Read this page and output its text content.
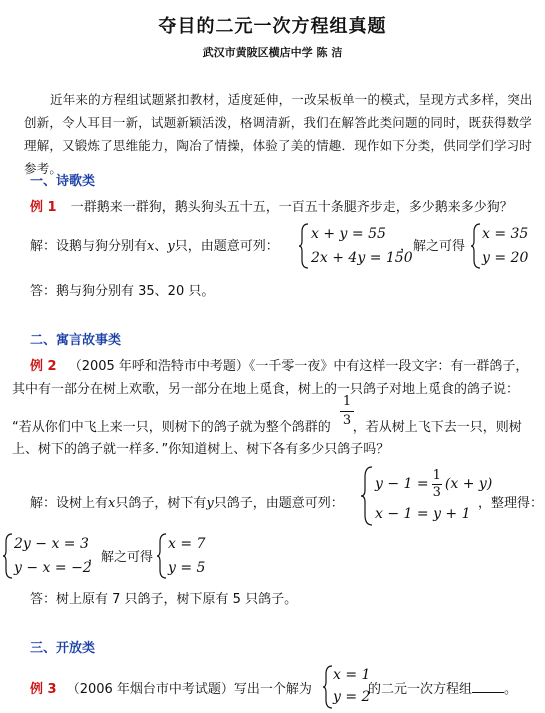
夺目的二元一次方程组真题
武汉市黄陂区横店中学 陈 洁
近年来的方程组试题紧扣教材，适度延伸，一改呆板单一的模式，呈现方式多样，突出创新，令人耳目一新，试题新颖活泼，格调清新，我们在解答此类问题的同时，既获得数学理解，又锻炼了思维能力，陶冶了情操，体验了美的情趣．现作如下分类，供同学们学习时参考。
一、诗歌类
例 1 一群鹅来一群狗，鹅头狗头五十五，一百五十条腿齐步走，多少鹅来多少狗？
解：设鹅与狗分别有x、y只，由题意可列：
x + y = 55
2x + 4y = 150
，解之可得
x = 35
y = 20
答：鹅与狗分别有 35、20 只。
二、寓言故事类
例 2 （2005 年呼和浩特市中考题）《一千零一夜》中有这样一段文字：有一群鸽子，
其中有一部分在树上欢歌，另一部分在地上觅食，树上的一只鸽子对地上觅食的鸽子说：
“若从你们中飞上来一只，则树下的鸽子就为整个鸽群的 ，若从树上飞下去一只，则树
$\frac{1}{3}$
上、树下的鸽子就一样多．”你知道树上、树下各有多少只鸽子吗？
解：设树上有x只鸽子，树下有y只鸽子，由题意可列：
$y - 1 = \frac{1}{3} (x + y)$
x − 1 = y + 1
，整理得：
2y − x = 3
y − x = −2
，解之可得
x = 7
y = 5
答：树上原有 7 只鸽子，树下原有 5 只鸽子。
三、开放类
例 3 （2006 年烟台市中考试题）写出一个解为
x = 1
y = 2
的二元一次方程组 。
